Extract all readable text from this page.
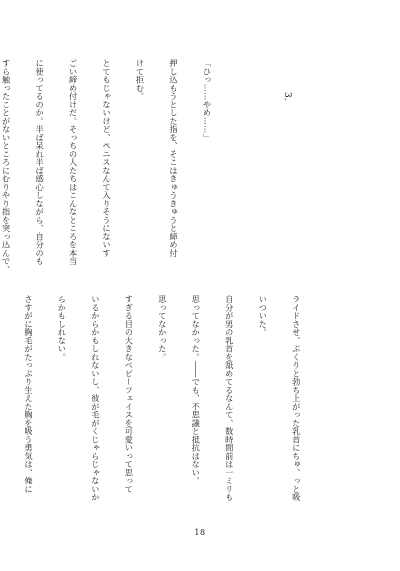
3.

「ひっ……やめ……」

押し込もうとした指を、そこはきゅうきゅうと締め付

けて拒む。

とてもじゃないけど、ペニスなんて入りそうにないす

ごい締め付けだ。そっちの人たちはこんなところを本当

に使ってるのか。半ば呆れ半ば感心しながら、自分のも

すら触ったことがないところにむりやり指を突っ込んで、

ライドさせ、ぷくりと勃ち上がった乳首にちゅ、っと吸

いついた。

自分が男の乳首を舐めてるなんて、数時間前は一ミリも

思ってなかった。――でも、不思議と抵抗はない。

思ってなかった。

すぎる目の大きなベビーフェイスを可愛いって思って

いるからかもしれないし、彼が毛がくじゃらじゃないか

らかもしれない。

さすがに胸毛がたっぷり生えた胸を吸う勇気は、俺に

18
